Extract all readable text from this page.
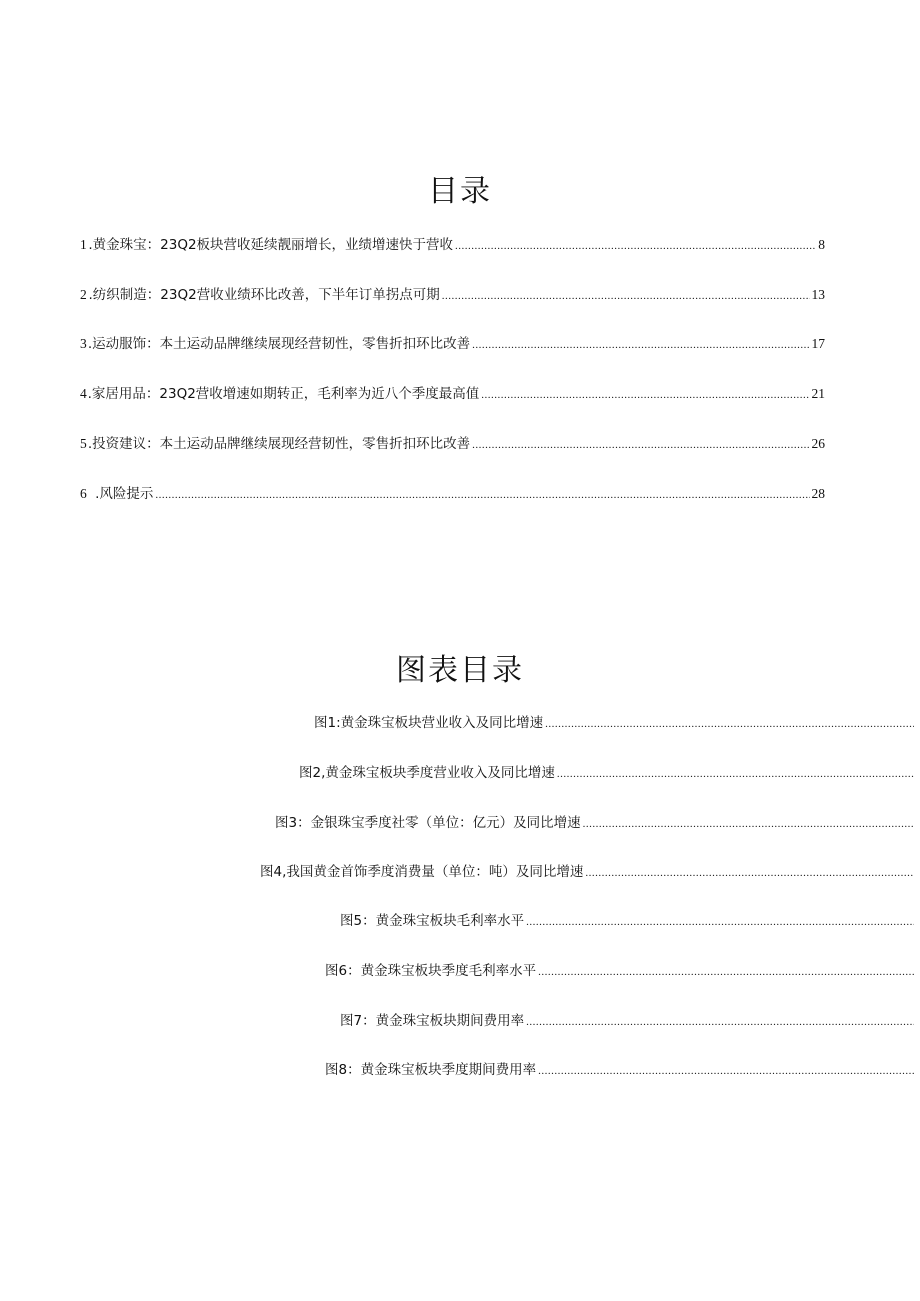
目录
1 .黄金珠宝：23Q2板块营收延续靓丽增长，业绩增速快于营收 .....	8
2 .纺织制造：23Q2营收业绩环比改善，下半年订单拐点可期 .....	13
3 .运动服饰：本土运动品牌继续展现经营韧性，零售折扣环比改善 .....	17
4 .家居用品：23Q2营收增速如期转正，毛利率为近八个季度最高值 .....	21
5 .投资建议：本土运动品牌继续展现经营韧性，零售折扣环比改善 .....	26
6 .风险提示 .....	28
图表目录
图1:黄金珠宝板块营业收入及同比增速
.....
图2,黄金珠宝板块季度营业收入及同比增速
.....
图3：金银珠宝季度社零（单位：亿元）及同比增速
.....
图4,我国黄金首饰季度消费量（单位：吨）及同比增速
.....
图5：黄金珠宝板块毛利率水平
.....
图6：黄金珠宝板块季度毛利率水平
.....
图7：黄金珠宝板块期间费用率
.....
图8：黄金珠宝板块季度期间费用率
.....
